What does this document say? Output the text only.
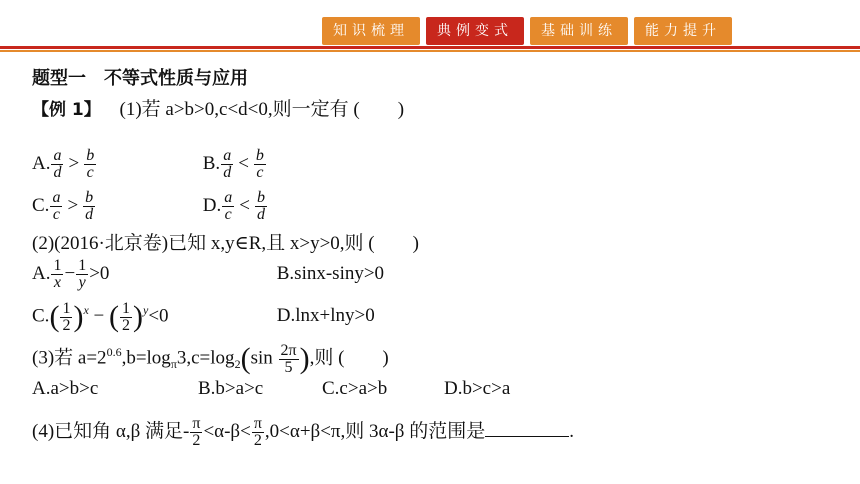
知识梳理	典例变式	基础训练	能力提升
题型一　不等式性质与应用
【例 1】 (1)若 a>b>0,c<d<0,则一定有 (　　)
A. $\frac{a}{d} > \frac{b}{c}$	B. $\frac{a}{d} < \frac{b}{c}$
C. $\frac{a}{c} > \frac{b}{d}$	D. $\frac{a}{c} < \frac{b}{d}$
(2)(2016·北京卷)已知 x,y∈R,且 x>y>0,则 (　　)
A. $\frac{1}{x} - \frac{1}{y} >0$	B.sinx-siny>0
$C.( \frac{1}{2} )^x$ − ( $\frac{1}{2} )^y<0$	D.lnx+lny>0
(3)若 $a=2^{0.6},b=\log_\pi 3,c=\log_2(\sin \frac{2\pi}{5}$ ),则 (　　)
A.a>b>c	B.b>a>c	C.c>a>b	D.b>c>a
(4)已知角 α,β 满足- $\frac{\pi}{2} <\alpha-\beta< \frac{\pi}{2} ,0<\alpha+\beta<\pi$,则 3α-β 的范围是	.
